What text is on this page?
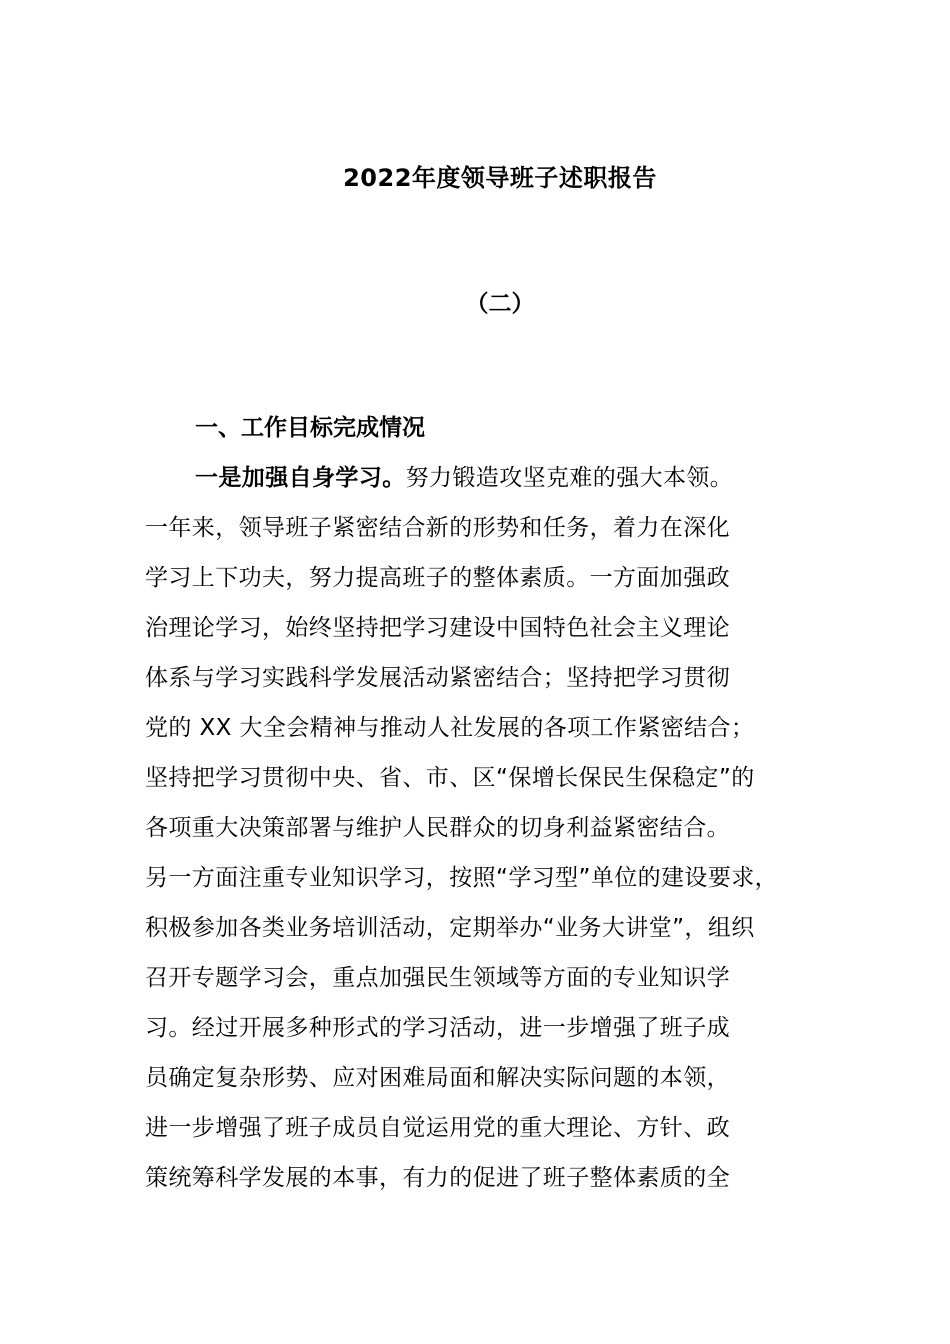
2022年度领导班子述职报告
（二）
一、工作目标完成情况
一是加强自身学习。努力锻造攻坚克难的强大本领。
一年来，领导班子紧密结合新的形势和任务，着力在深化
学习上下功夫，努力提高班子的整体素质。一方面加强政
治理论学习，始终坚持把学习建设中国特色社会主义理论
体系与学习实践科学发展活动紧密结合；坚持把学习贯彻
党的 XX 大全会精神与推动人社发展的各项工作紧密结合；
坚持把学习贯彻中央、省、市、区“保增长保民生保稳定”的
各项重大决策部署与维护人民群众的切身利益紧密结合。
另一方面注重专业知识学习，按照“学习型”单位的建设要求，
积极参加各类业务培训活动，定期举办“业务大讲堂”，组织
召开专题学习会，重点加强民生领域等方面的专业知识学
习。经过开展多种形式的学习活动，进一步增强了班子成
员确定复杂形势、应对困难局面和解决实际问题的本领，
进一步增强了班子成员自觉运用党的重大理论、方针、政
策统筹科学发展的本事，有力的促进了班子整体素质的全
